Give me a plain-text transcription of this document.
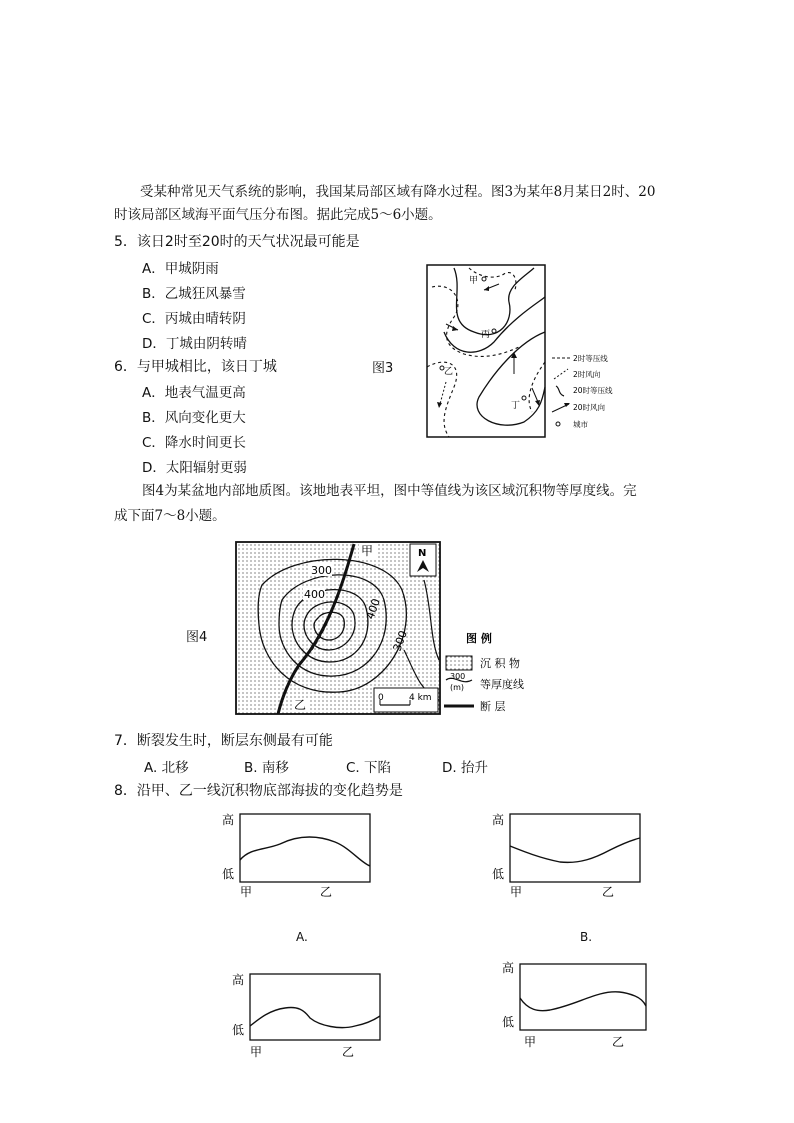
受某种常见天气系统的影响，我国某局部区域有降水过程。图3为某年8月某日2时、20
时该局部区域海平面气压分布图。据此完成5～6小题。
5．该日2时至20时的天气状况最可能是
A．甲城阴雨
B．乙城狂风暴雪
C．丙城由晴转阴
D．丁城由阴转晴
6．与甲城相比，该日丁城
A．地表气温更高
B．风向变化更大
C．降水时间更长
D．太阳辐射更弱
图3
甲
乙
丙
丁
2时等压线
2时风向
20时等压线
20时风向
城市
图4为某盆地内部地质图。该地地表平坦，图中等值线为该区域沉积物等厚度线。完
成下面7～8小题。
图4
N
300
400
400
300
甲
乙	0	4 km
图 例
沉 积 物
300
(m) 等厚度线
断 层
7．断裂发生时，断层东侧最有可能
A. 北移	B. 南移	C. 下陷	D. 抬升
8．沿甲、乙一线沉积物底部海拔的变化趋势是
高
低
甲	乙
A.
高
低
甲	乙
B.
高
低
甲	乙
高
低
甲	乙
